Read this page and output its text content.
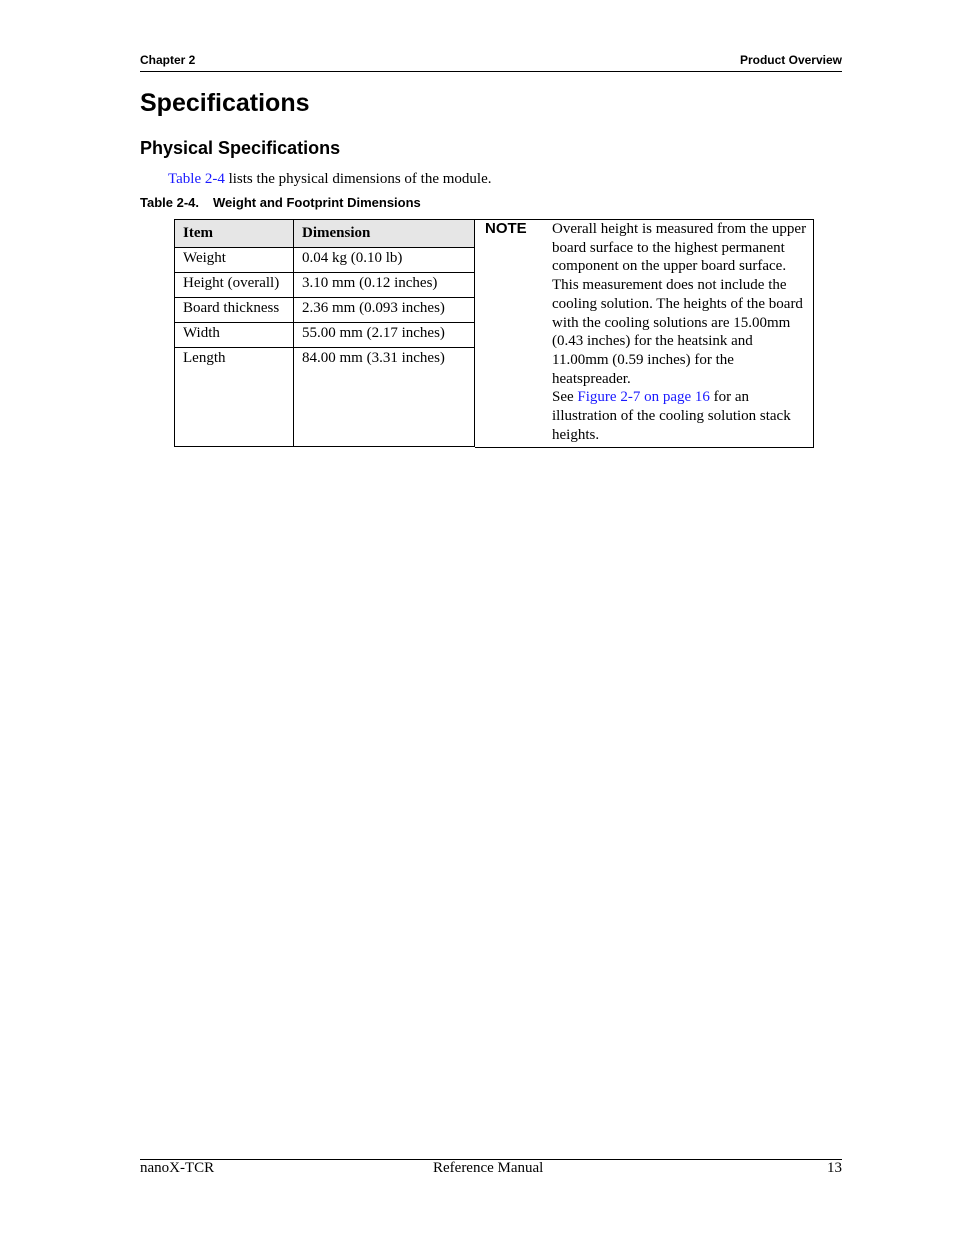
Chapter 2	Product Overview
Specifications
Physical Specifications
Table 2-4 lists the physical dimensions of the module.
Table 2-4. Weight and Footprint Dimensions
Item	Dimension
Weight	0.04 kg (0.10 lb)
Height (overall)	3.10 mm (0.12 inches)
Board thickness	2.36 mm (0.093 inches)
Width	55.00 mm (2.17 inches)
Length	84.00 mm (3.31 inches)
NOTE Overall height is measured from the upper board surface to the highest permanent component on the upper board surface. This measurement does not include the cooling solution. The heights of the board with the cooling solutions are 15.00mm (0.43 inches) for the heatsink and 11.00mm (0.59 inches) for the heatspreader.

See Figure 2-7 on page 16 for an illustration of the cooling solution stack heights.

nanoX-TCR	Reference Manual	13
